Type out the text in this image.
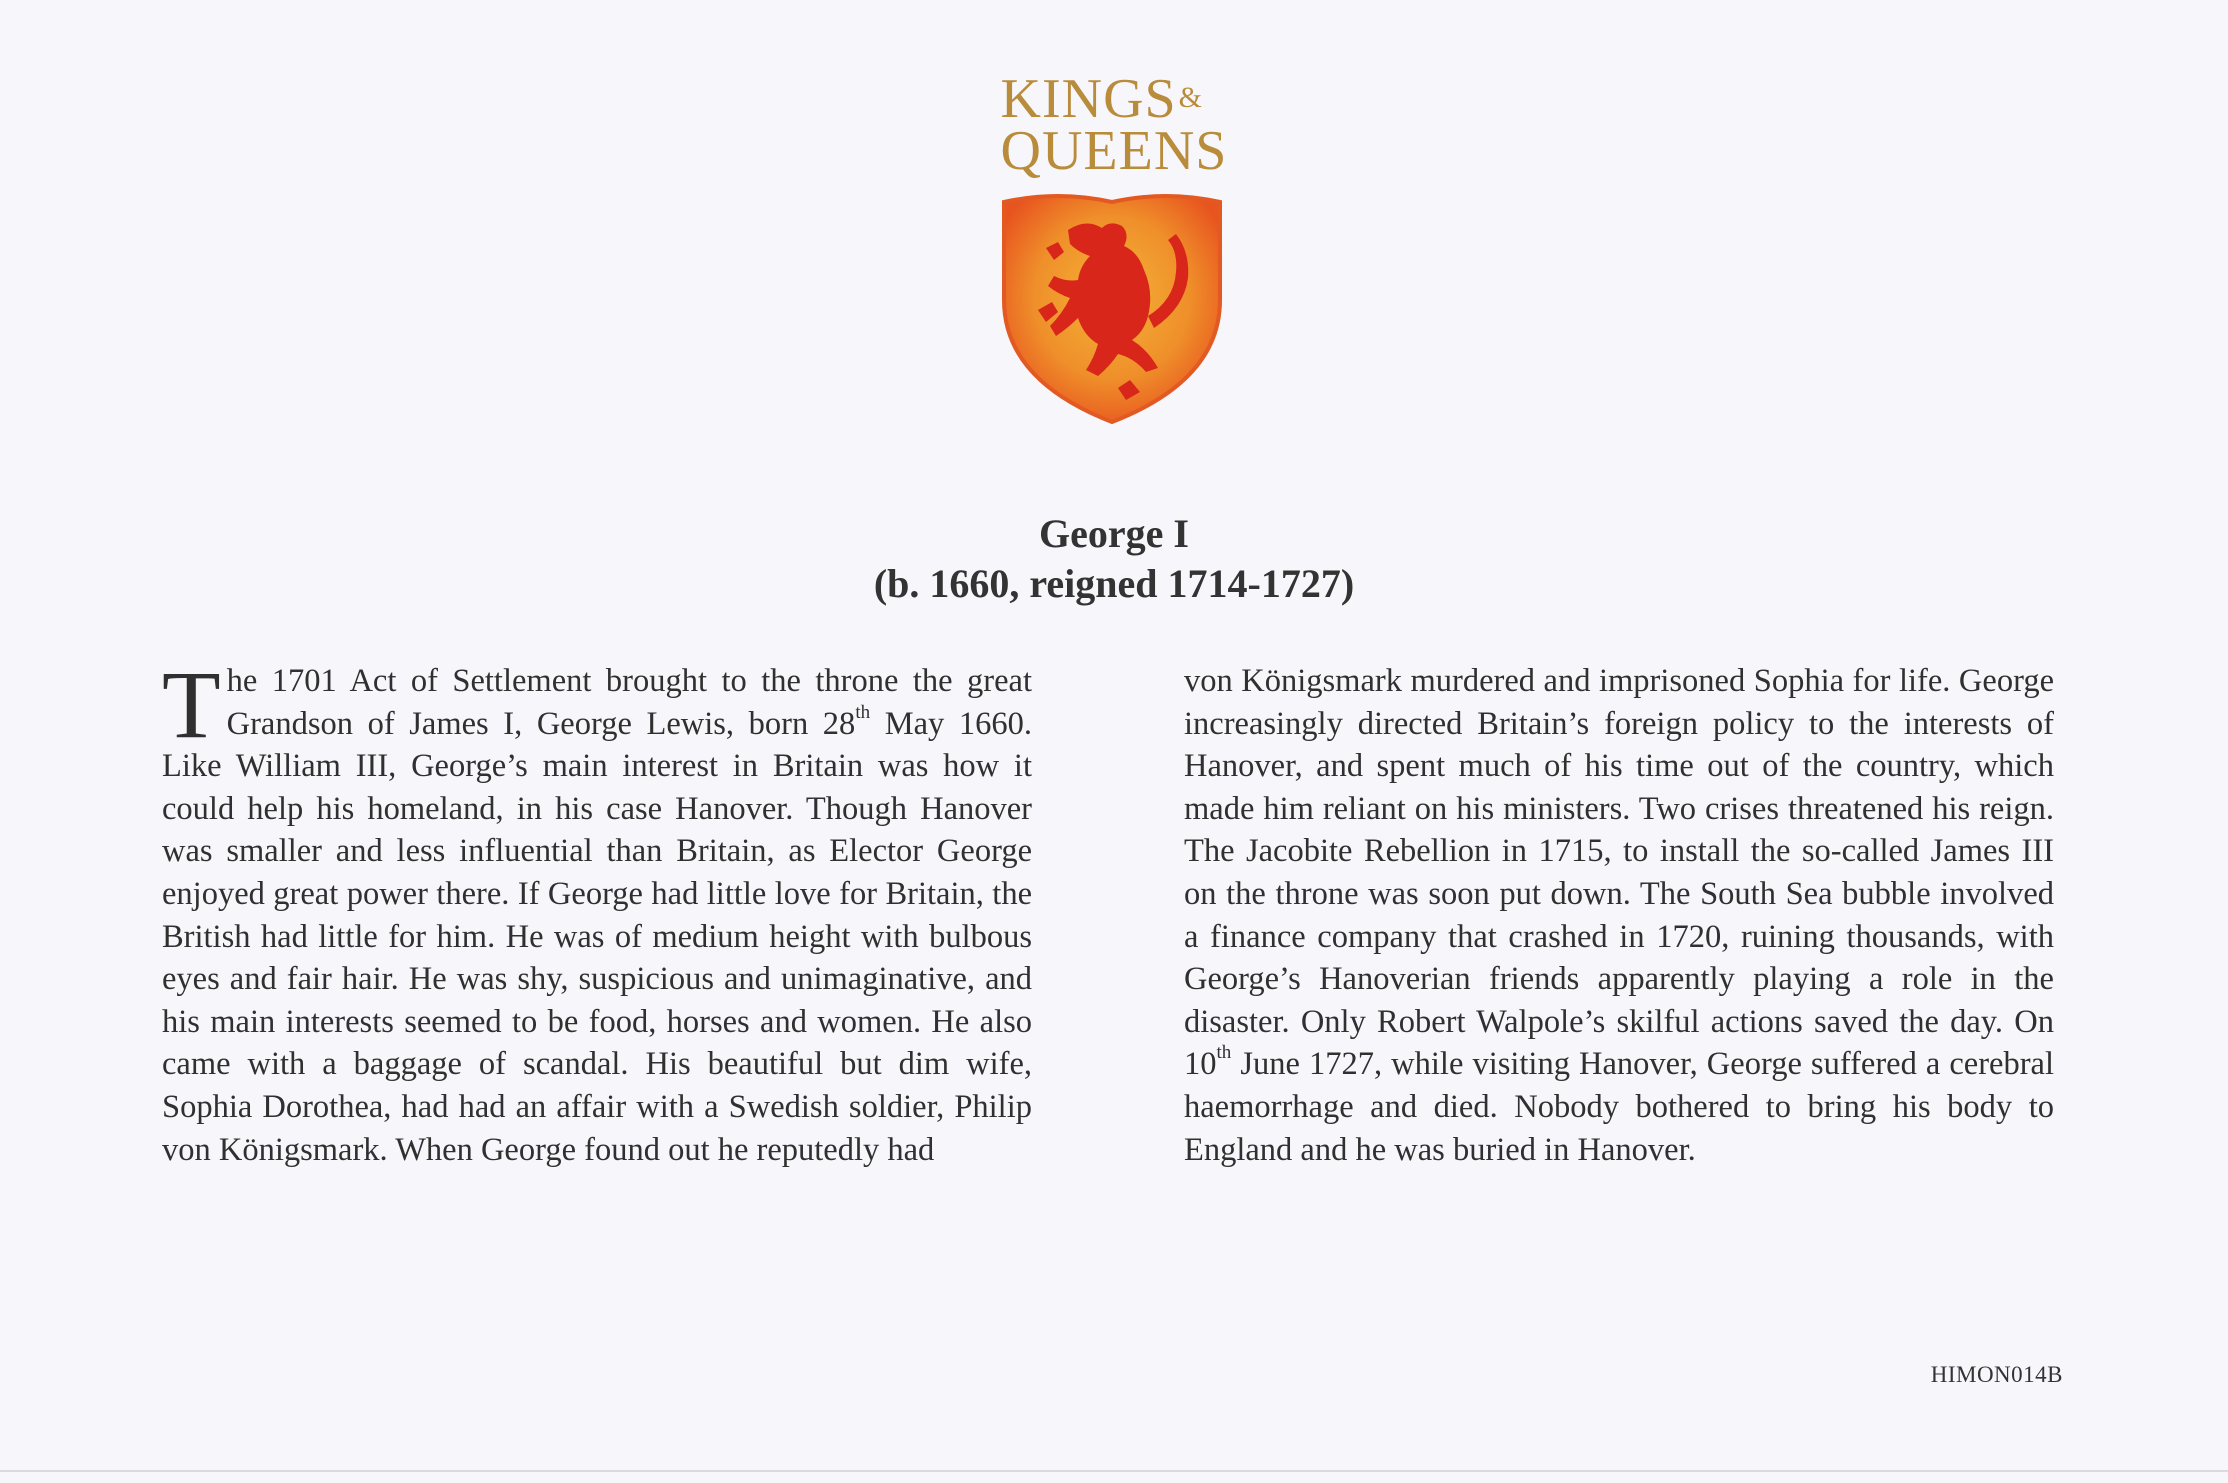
KINGS&
QUEENS
George I
(b. 1660, reigned 1714-1727)

The 1701 Act of Settlement brought to the throne the great Grandson of James I, George Lewis, born 28th May 1660. Like William III, George’s main interest in Britain was how it could help his homeland, in his case Hanover. Though Hanover was smaller and less influential than Britain, as Elector George enjoyed great power there. If George had little love for Britain, the British had little for him. He was of medium height with bulbous eyes and fair hair. He was shy, suspicious and unimaginative, and his main interests seemed to be food, horses and women. He also came with a baggage of scandal. His beautiful but dim wife, Sophia Dorothea, had had an affair with a Swedish soldier, Philip von Königsmark. When George found out he reputedly had

von Königsmark murdered and imprisoned Sophia for life. George increasingly directed Britain’s foreign policy to the interests of Hanover, and spent much of his time out of the country, which made him reliant on his ministers. Two crises threatened his reign. The Jacobite Rebellion in 1715, to install the so-called James III on the throne was soon put down. The South Sea bubble involved a finance company that crashed in 1720, ruining thousands, with George’s Hanoverian friends apparently playing a role in the disaster. Only Robert Walpole’s skilful actions saved the day. On 10th June 1727, while visiting Hanover, George suffered a cerebral haemorrhage and died. Nobody bothered to bring his body to England and he was buried in Hanover.

HIMON014B
